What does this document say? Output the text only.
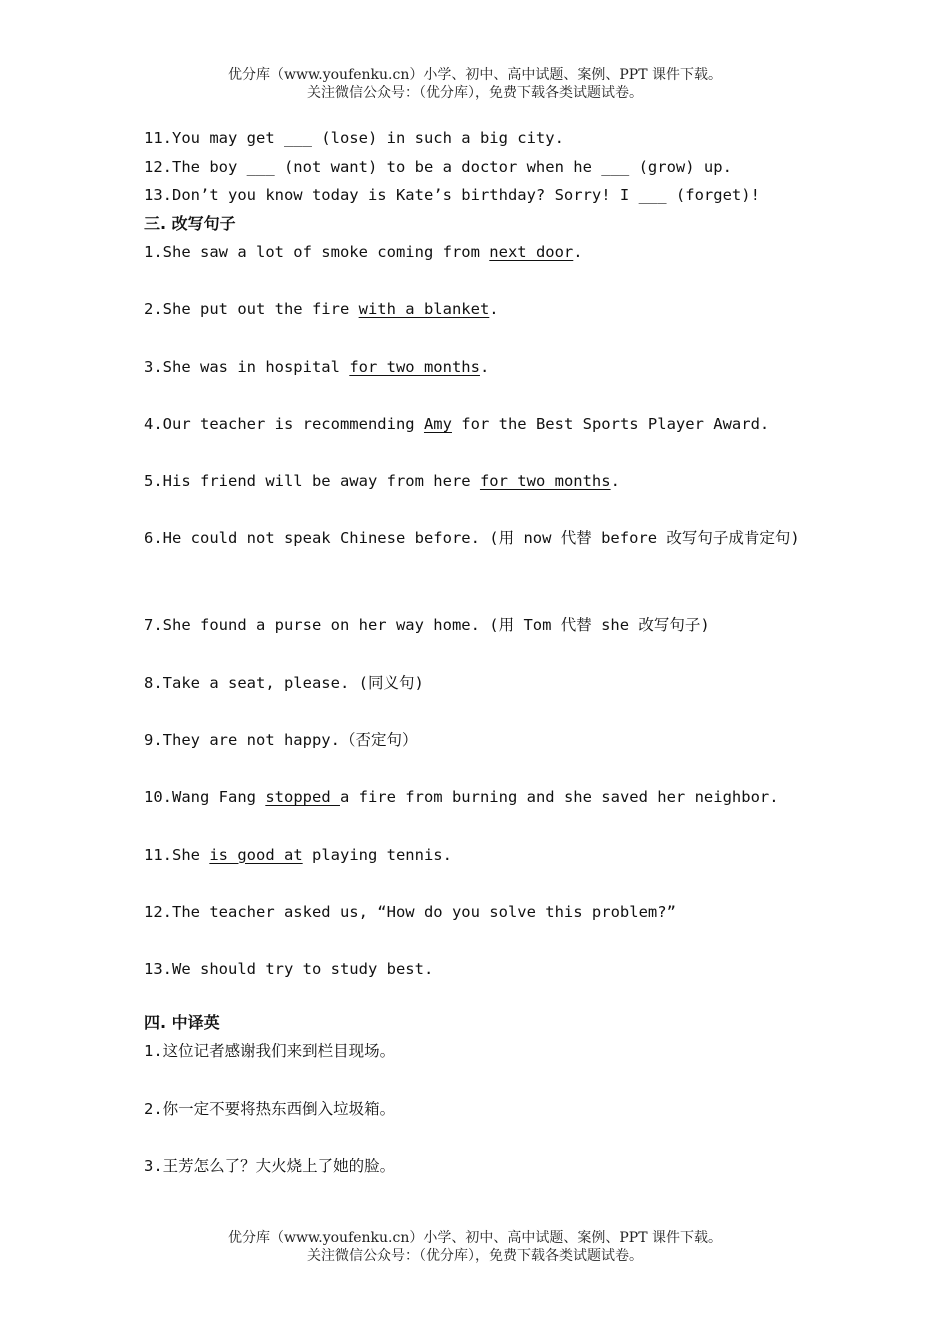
优分库（www.youfenku.cn）小学、初中、高中试题、案例、PPT 课件下载。
关注微信公众号：（优分库），免费下载各类试题试卷。
11.You may get ___ (lose) in such a big city.
12.The boy ___ (not want) to be a doctor when he ___ (grow) up.
13.Don’t you know today is Kate’s birthday? Sorry! I ___ (forget)!
三. 改写句子
1.She saw a lot of smoke coming from next door.
2.She put out the fire with a blanket.
3.She was in hospital for two months.
4.Our teacher is recommending Amy for the Best Sports Player Award.
5.His friend will be away from here for two months.
6.He could not speak Chinese before. (用 now 代替 before 改写句子成肯定句)
7.She found a purse on her way home. (用 Tom 代替 she 改写句子)
8.Take a seat, please. (同义句)
9.They are not happy.（否定句）
10.Wang Fang stopped a fire from burning and she saved her neighbor.
11.She is good at playing tennis.
12.The teacher asked us, “How do you solve this problem?”
13.We should try to study best.
四. 中译英
1.这位记者感谢我们来到栏目现场。
2.你一定不要将热东西倒入垃圾箱。
3.王芳怎么了？大火烧上了她的脸。
优分库（www.youfenku.cn）小学、初中、高中试题、案例、PPT 课件下载。
关注微信公众号：（优分库），免费下载各类试题试卷。
